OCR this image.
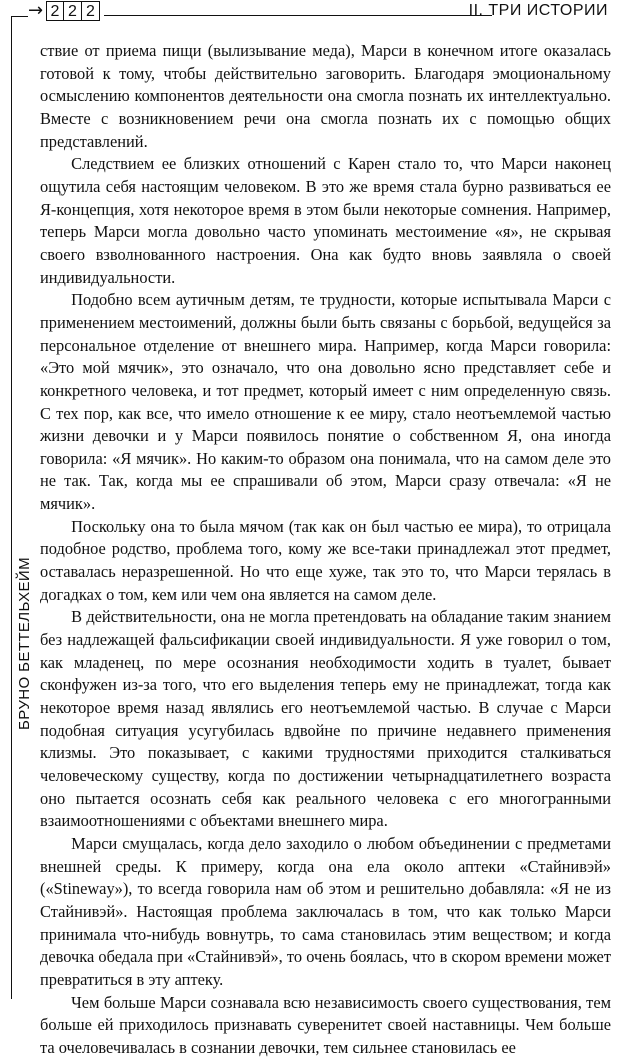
→ 2 2 2	II. ТРИ ИСТОРИИ
БРУНО БЕТТЕЛЬХЕЙМ

ствие от приема пищи (вылизывание меда), Марси в конечном итоге оказалась готовой к тому, чтобы действительно заговорить. Благодаря эмоциональному осмыслению компонентов деятельности она смогла познать их интеллектуально. Вместе с возникновением речи она смогла познать их с помощью общих представлений.

Следствием ее близких отношений с Карен стало то, что Марси наконец ощутила себя настоящим человеком. В это же время стала бурно развиваться ее Я-концепция, хотя некоторое время в этом были некоторые сомнения. Например, теперь Марси могла довольно часто упоминать местоимение «я», не скрывая своего взволнованного настроения. Она как будто вновь заявляла о своей индивидуальности.

Подобно всем аутичным детям, те трудности, которые испытывала Марси с применением местоимений, должны были быть связаны с борьбой, ведущейся за персональное отделение от внешнего мира. Например, когда Марси говорила: «Это мой мячик», это означало, что она довольно ясно представляет себе и конкретного человека, и тот предмет, который имеет с ним определенную связь. С тех пор, как все, что имело отношение к ее миру, стало неотъемлемой частью жизни девочки и у Марси появилось понятие о собственном Я, она иногда говорила: «Я мячик». Но каким-то образом она понимала, что на самом деле это не так. Так, когда мы ее спрашивали об этом, Марси сразу отвечала: «Я не мячик».

Поскольку она то была мячом (так как он был частью ее мира), то отрицала подобное родство, проблема того, кому же все-таки принадлежал этот предмет, оставалась неразрешенной. Но что еще хуже, так это то, что Марси терялась в догадках о том, кем или чем она является на самом деле.

В действительности, она не могла претендовать на обладание таким знанием без надлежащей фальсификации своей индивидуальности. Я уже говорил о том, как младенец, по мере осознания необходимости ходить в туалет, бывает сконфужен из-за того, что его выделения теперь ему не принадлежат, тогда как некоторое время назад являлись его неотъемлемой частью. В случае с Марси подобная ситуация усугубилась вдвойне по причине недавнего применения клизмы. Это показывает, с какими трудностями приходится сталкиваться человеческому существу, когда по достижении четырнадцатилетнего возраста оно пытается осознать себя как реального человека с его многогранными взаимоотношениями с объектами внешнего мира.

Марси смущалась, когда дело заходило о любом объединении с предметами внешней среды. К примеру, когда она ела около аптеки «Стайнивэй» («Stineway»), то всегда говорила нам об этом и решительно добавляла: «Я не из Стайнивэй». Настоящая проблема заключалась в том, что как только Марси принимала что-нибудь вовнутрь, то сама становилась этим веществом; и когда девочка обедала при «Стайнивэй», то очень боялась, что в скором времени может превратиться в эту аптеку.

Чем больше Марси сознавала всю независимость своего существования, тем больше ей приходилось признавать суверенитет своей наставницы. Чем больше та очеловечивалась в сознании девочки, тем сильнее становилась ее
